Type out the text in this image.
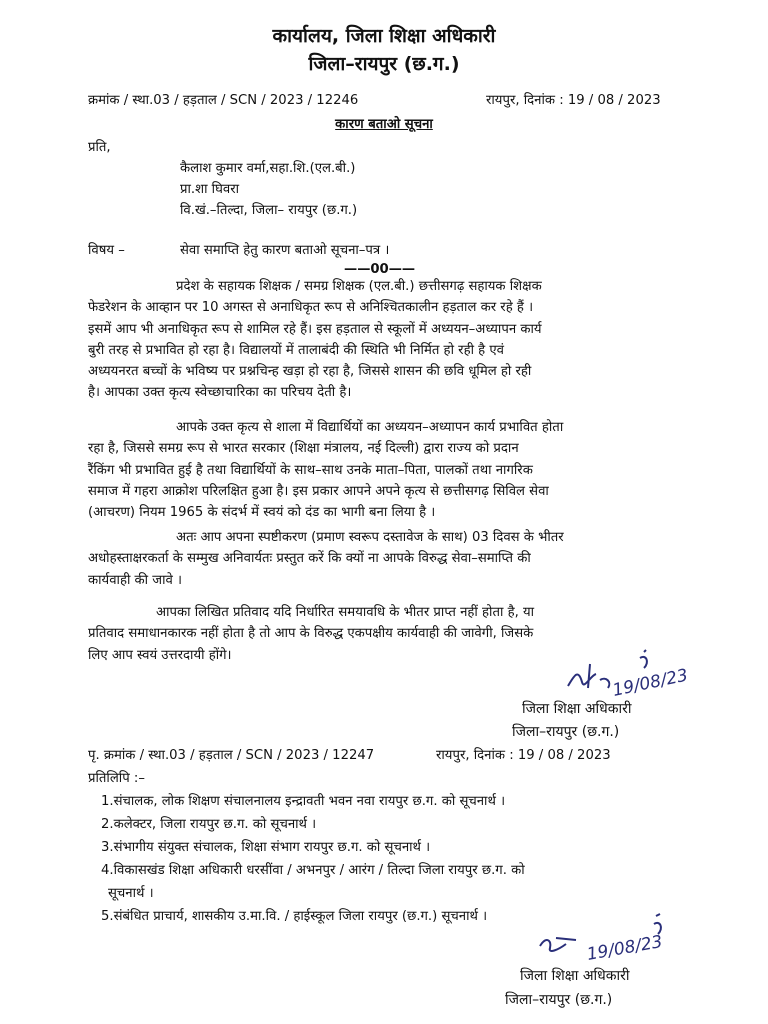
कार्यालय, जिला शिक्षा अधिकारी
जिला–रायपुर (छ.ग.)
क्रमांक / स्था.03 / हड़ताल / SCN / 2023 / 12246	रायपुर, दिनांक : 19 / 08 / 2023
कारण बताओ सूचना
प्रति,
कैलाश कुमार वर्मा,सहा.शि.(एल.बी.)
प्रा.शा घिवरा
वि.खं.–तिल्दा, जिला– रायपुर (छ.ग.)
विषय –	सेवा समाप्ति हेतु कारण बताओ सूचना–पत्र ।
——00——
प्रदेश के सहायक शिक्षक / समग्र शिक्षक (एल.बी.) छत्तीसगढ़ सहायक शिक्षक
फेडरेशन के आव्हान पर 10 अगस्त से अनाधिकृत रूप से अनिश्चितकालीन हड़ताल कर रहे हैं ।
इसमें आप भी अनाधिकृत रूप से शामिल रहे हैं। इस हड़ताल से स्कूलों में अध्ययन–अध्यापन कार्य
बुरी तरह से प्रभावित हो रहा है। विद्यालयों में तालाबंदी की स्थिति भी निर्मित हो रही है एवं
अध्ययनरत बच्चों के भविष्य पर प्रश्नचिन्ह खड़ा हो रहा है, जिससे शासन की छवि धूमिल हो रही
है। आपका उक्त कृत्य स्वेच्छाचारिका का परिचय देती है।
आपके उक्त कृत्य से शाला में विद्यार्थियों का अध्ययन–अध्यापन कार्य प्रभावित होता
रहा है, जिससे समग्र रूप से भारत सरकार (शिक्षा मंत्रालय, नई दिल्ली) द्वारा राज्य को प्रदान
रैंकिंग भी प्रभावित हुई है तथा विद्यार्थियों के साथ–साथ उनके माता–पिता, पालकों तथा नागरिक
समाज में गहरा आक्रोश परिलक्षित हुआ है। इस प्रकार आपने अपने कृत्य से छत्तीसगढ़ सिविल सेवा
(आचरण) नियम 1965 के संदर्भ में स्वयं को दंड का भागी बना लिया है ।
अतः आप अपना स्पष्टीकरण (प्रमाण स्वरूप दस्तावेज के साथ) 03 दिवस के भीतर
अधोहस्ताक्षरकर्ता के सम्मुख अनिवार्यतः प्रस्तुत करें कि क्यों ना आपके विरुद्ध सेवा–समाप्ति की
कार्यवाही की जावे ।
आपका लिखित प्रतिवाद यदि निर्धारित समयावधि के भीतर प्राप्त नहीं होता है, या
प्रतिवाद समाधानकारक नहीं होता है तो आप के विरुद्ध एकपक्षीय कार्यवाही की जावेगी, जिसके
लिए आप स्वयं उत्तरदायी होंगे।
19/08/23
जिला शिक्षा अधिकारी
जिला–रायपुर (छ.ग.)
पृ. क्रमांक / स्था.03 / हड़ताल / SCN / 2023 / 12247	रायपुर, दिनांक : 19 / 08 / 2023
प्रतिलिपि :–
1.संचालक, लोक शिक्षण संचालनालय इन्द्रावती भवन नवा रायपुर छ.ग. को सूचनार्थ ।
2.कलेक्टर, जिला रायपुर छ.ग. को सूचनार्थ ।
3.संभागीय संयुक्त संचालक, शिक्षा संभाग रायपुर छ.ग. को सूचनार्थ ।
4.विकासखंड शिक्षा अधिकारी धरसींवा / अभनपुर / आरंग / तिल्दा जिला रायपुर छ.ग. को
सूचनार्थ ।
5.संबंधित प्राचार्य, शासकीय उ.मा.वि. / हाईस्कूल जिला रायपुर (छ.ग.) सूचनार्थ ।
19/08/23
जिला शिक्षा अधिकारी
जिला–रायपुर (छ.ग.)
